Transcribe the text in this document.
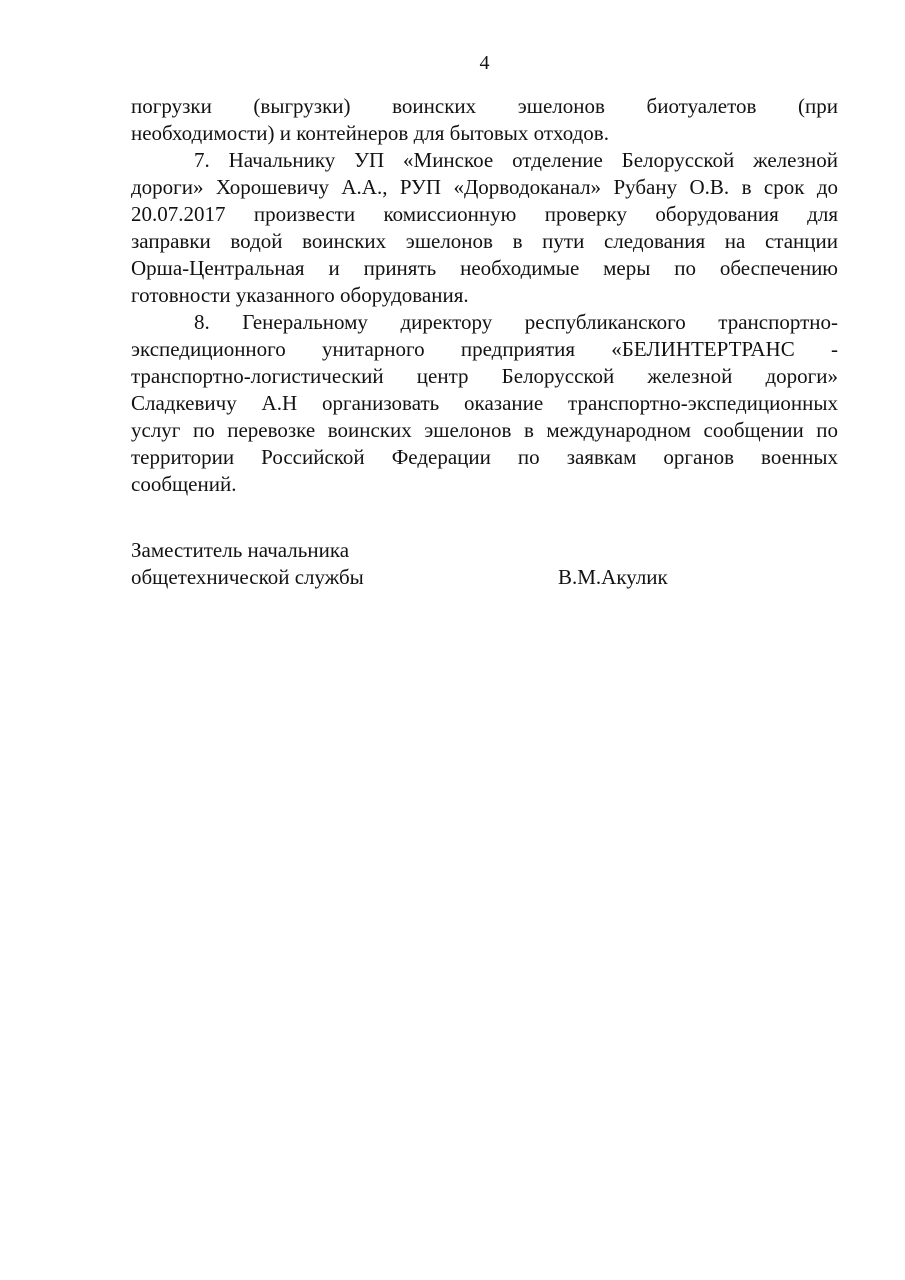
4
погрузки (выгрузки) воинских эшелонов биотуалетов (при
необходимости) и контейнеров для бытовых отходов.
7. Начальнику УП «Минское отделение Белорусской железной
дороги» Хорошевичу А.А., РУП «Дорводоканал» Рубану О.В. в срок до
20.07.2017 произвести комиссионную проверку оборудования для
заправки водой воинских эшелонов в пути следования на станции
Орша-Центральная и принять необходимые меры по обеспечению
готовности указанного оборудования.
8. Генеральному директору республиканского транспортно-
экспедиционного унитарного предприятия «БЕЛИНТЕРТРАНС -
транспортно-логистический центр Белорусской железной дороги»
Сладкевичу А.Н организовать оказание транспортно-экспедиционных
услуг по перевозке воинских эшелонов в международном сообщении по
территории Российской Федерации по заявкам органов военных
сообщений.
Заместитель начальника
общетехнической службы	В.М.Акулик
